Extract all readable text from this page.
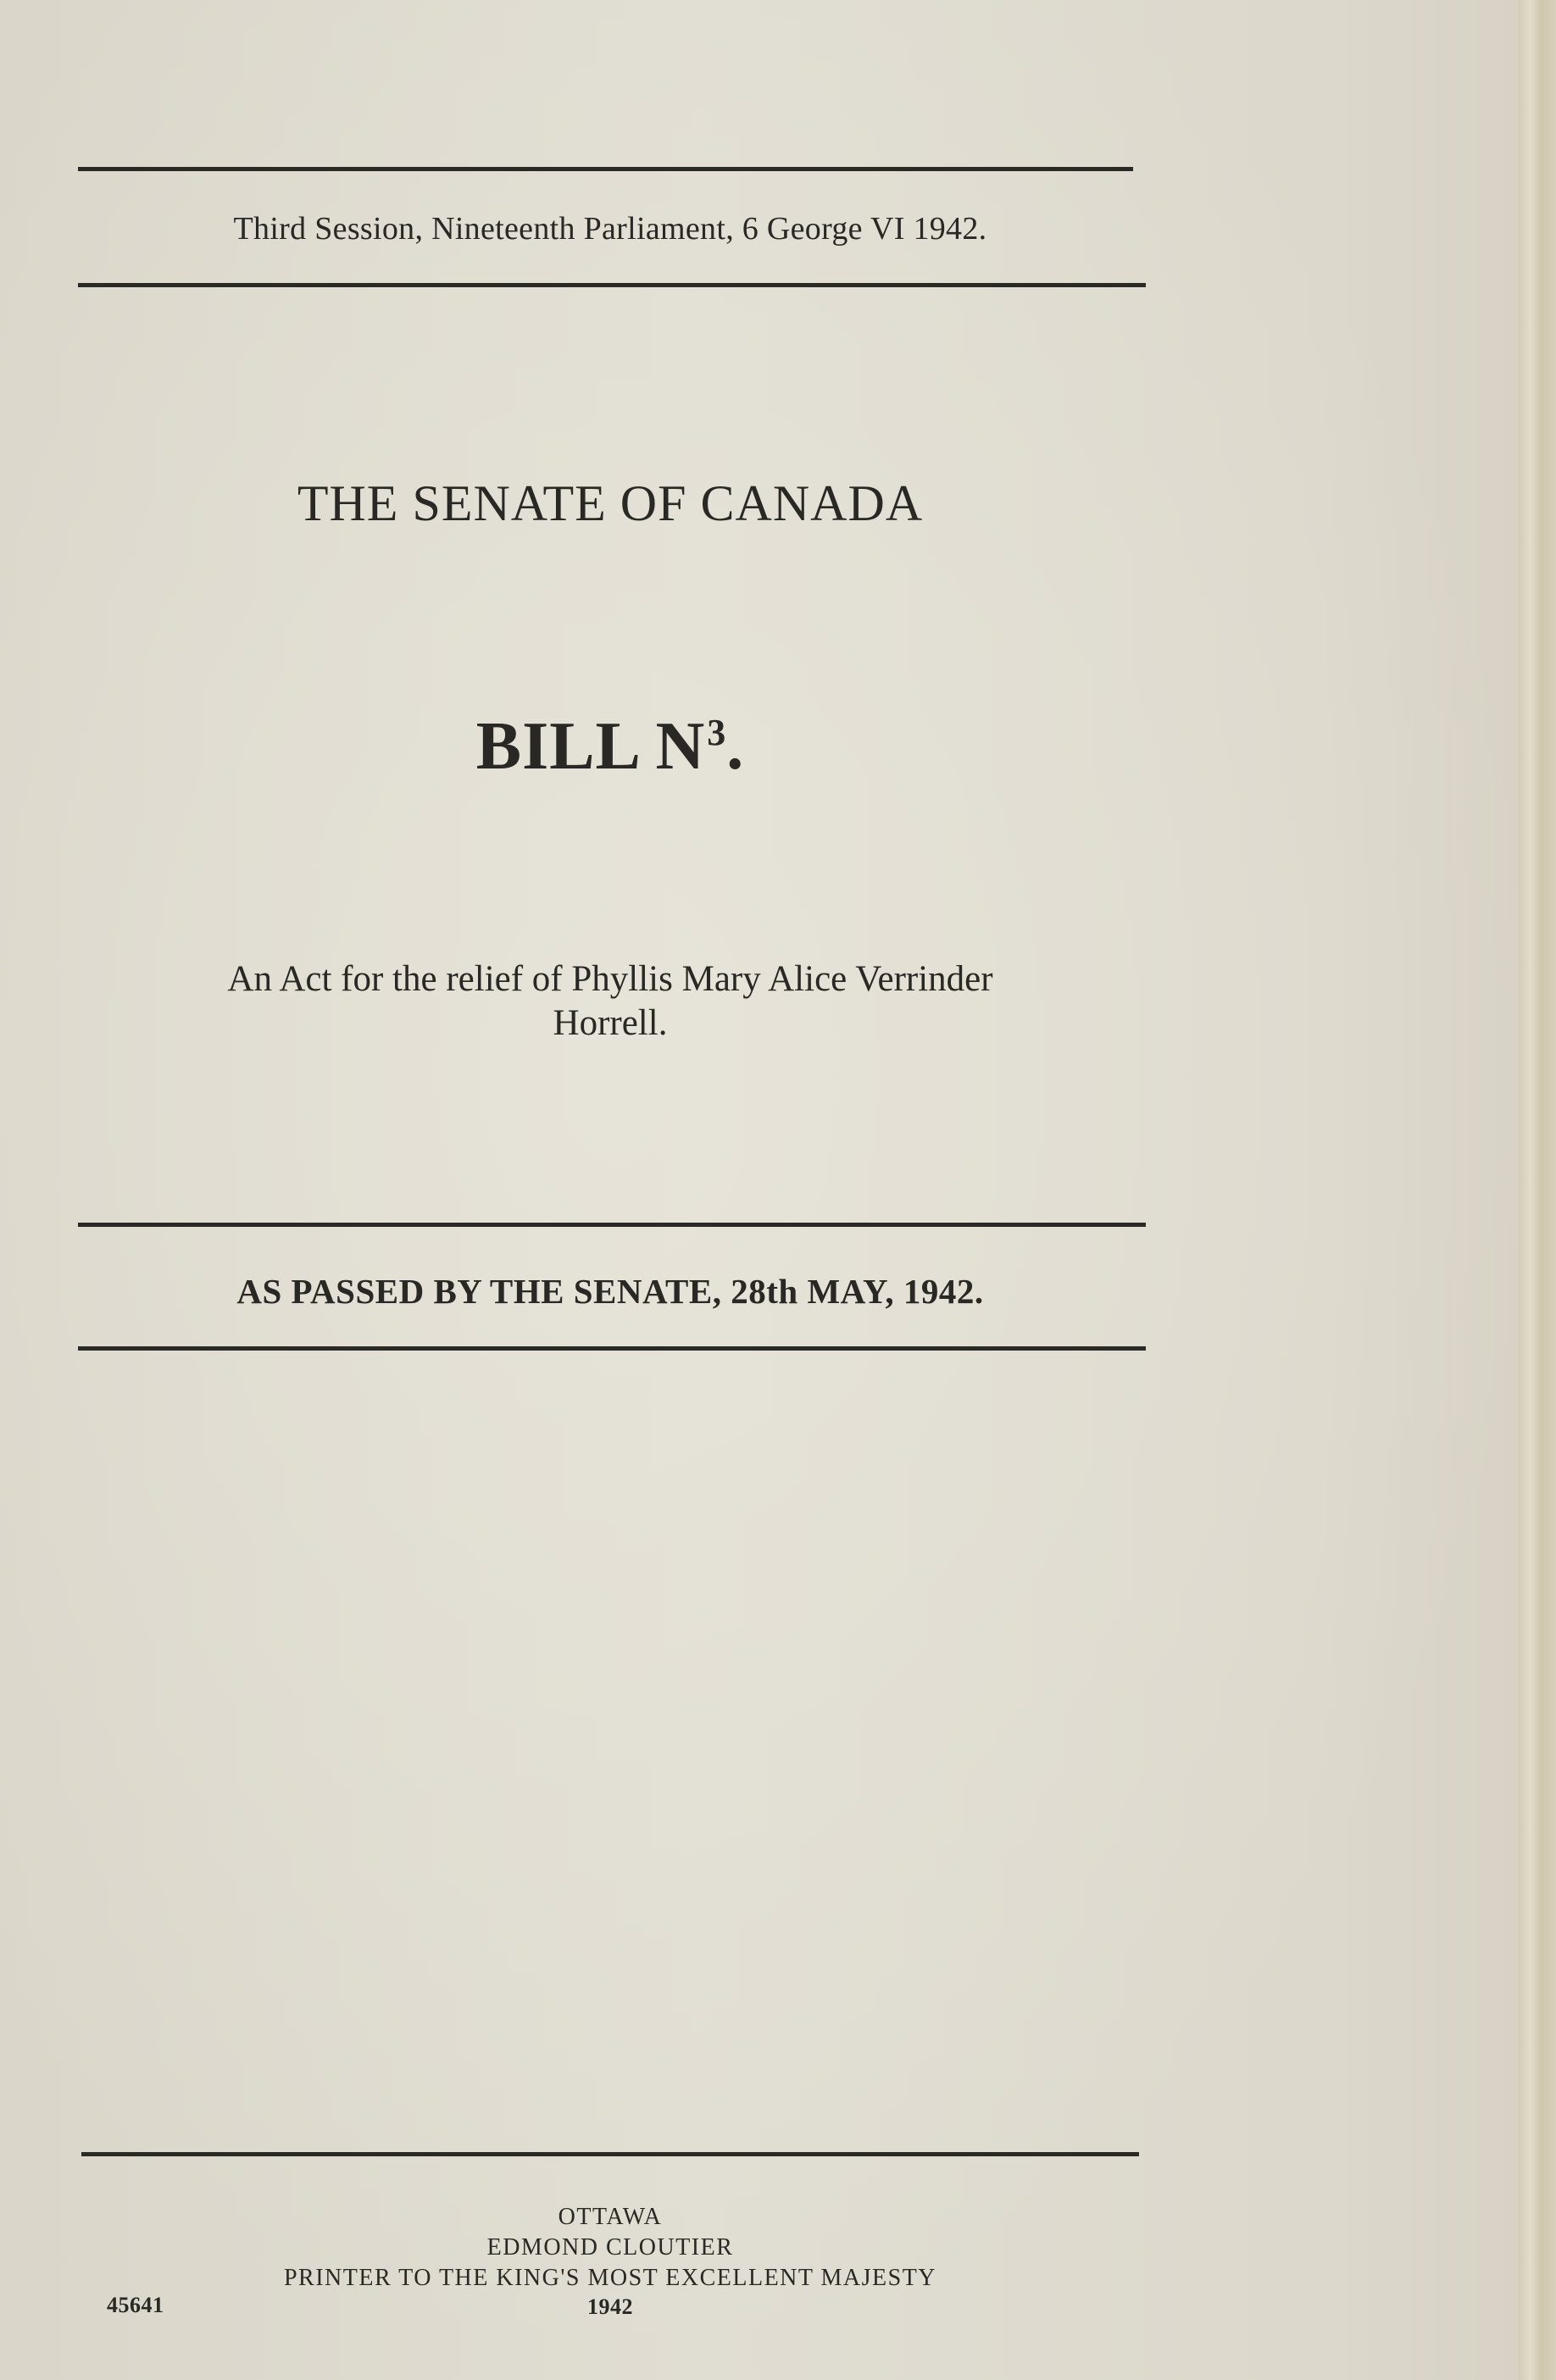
Third Session, Nineteenth Parliament, 6 George VI 1942.
THE SENATE OF CANADA
BILL $N^3$.
An Act for the relief of Phyllis Mary Alice Verrinder
Horrell.
AS PASSED BY THE SENATE, 28th MAY, 1942.
OTTAWA
EDMOND CLOUTIER
PRINTER TO THE KING'S MOST EXCELLENT MAJESTY
1942
45641
